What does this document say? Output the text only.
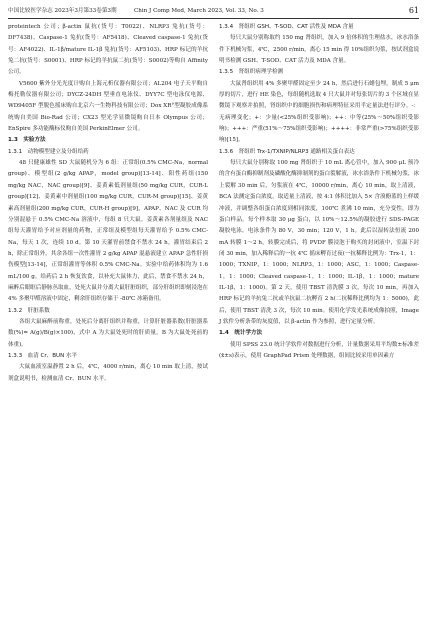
中国比较医学杂志 2023年3月第33卷第3期	Chin J Comp Med, March 2023, Vol. 33, No. 3	61

proteintech 公司；β-actin 鼠抗(货号：T0022)、NLRP3 兔抗(货号：DF7438)、Caspase-1 兔抗(货号：AF5418)、Cleaved caspase-1 兔抗(货号：AF4022)、IL-1β/mature IL-1β 兔抗(货号：AF5103)、HRP 标记的羊抗兔二抗(货号：S0001)、HRP 标记的羊抗鼠二抗(货号：S0002)等购自 Affinity 公司。

V5600 紫外分光光度计购自上海元析仪器有限公司；AL204 电子天平购自梅托勒仪器有限公司；DYCZ-24DH 型垂直电泳仪、DYY7C 型电泳仪电源、WD9405F 型脱色摇床购自北京六一生物科技有限公司；Dox XR°型凝胶成像系统购自美国 Bio-Rad 公司；CX23 型光学显微镜购自日本 Olympus 公司；EnSpire 多功能酶标仪购自美国 PerkinElmer 公司。

1.3　实验方法

1.3.1　动物模型建立及分组给药

48 只健康雄性 SD 大鼠随机分为 6 组：正常组(0.5% CMC-Na，normal group)、模型组(2 g/kg APAP，model group)[13-14]、阳性药组(150 mg/kg NAC，NAC group)[9]、姜黄素低剂量组(50 mg/kg CUR，CUR-L group)[12]、姜黄素中剂量组(100 mg/kg CUR，CUR-M group)[15]、姜黄素高剂量组(200 mg/kg CUR，CUR-H group)[9]，APAP、NAC 及 CUR 均分别混悬于 0.5% CMC-Na 溶液中，每组 8 只大鼠。姜黄素各剂量组及 NAC 组每天灌胃给予对应剂量的药物，正常组及模型组每天灌胃给予 0.5% CMC-Na，每天 1 次，连续 10 d。第 10 天灌胃前禁食不禁水 24 h，灌胃结束后 2 h，除正常组外，其余各组一次性灌胃 2 g/kg APAP 混悬液建立 APAP 急性肝损伤模型[13-14]，正常组灌胃等体积 0.5% CMC-Na。实验中给药体积均为 1.6 mL/100 g。给药后 2 h 恢复饮食，以补充大鼠体力，此后，禁食不禁水 24 h，麻醉后眼眶后静脉丛取血，处死大鼠并分离大鼠肝脏组织，部分肝组织即刻浸泡在 4% 多聚甲醛溶液中固定，剩余肝组织存储于 -80℃ 冰箱备用。

1.3.2　肝脏系数

各组大鼠麻醉前称重，处死后分离肝组织并称重，计算肝脏器系数(肝脏器系数(%)= A(g)/B(g)×100)，式中 A 为大鼠处死时的肝质量，B 为大鼠处死前的体重)。

1.3.3　血清 Cr、BUN 水平

大鼠血液室温静置 2 h 后，4℃，4000 r/min，离心 10 min 取上清，按试剂盒说明书，检测血清 Cr、BUN 水平。

1.3.4　肾组织 GSH、T-SOD、CAT 活性及 MDA 含量

每只大鼠分别称取约 150 mg 肾组织，加入 9 倍体积的生理盐水，冰水浴条件下机械匀浆，4℃，2500 r/min，离心 15 min 得 10%组织匀浆，按试剂盒说明书检测 GSH、T-SOD、CAT 活力及 MDA 含量。

1.3.5　肾组织病理学检测

大鼠肾组织用 4% 多聚甲醛固定至少 24 h，然后进行石蜡包埋，制成 5 μm 厚的切片，进行 HE 染色，每组随机选取 4 只大鼠并对每张切片的 3 个区域在显微镜下观察并拍照，肾组织中的细胞损伤和病理特征采用半定量法进行评分。-：无病理变化；+：少量(<25%组织受影响)；++：中等(25%～50%组织受影响)；+++：严重(51%～75%组织受影响)；++++：非常严重(>75%组织受影响)[15]。

1.3.6　肾组织 Trx-1/TXNIP/NLRP3 通路相关蛋白表达

每只大鼠分别称取 100 mg 肾组织于 10 mL 离心管中，加入 900 μL 预冷的含有蛋白酶抑制剂及磷酸化酶抑制剂的蛋白裂解液，冰水浴条件下机械匀浆，冰上裂解 30 min 后，匀浆液在 4℃，10000 r/min，离心 10 min，取上清液，BCA 法测定蛋白浓度。取适量上清液，按 4:1 体积比加入 5× 含溴酚蓝的上样缓冲液，并调整各组蛋白浓度到相同浓度，100℃ 煮沸 10 min，充分变性，即为蛋白样品。每个样本取 30 μg 蛋白，以 10%～12.5%的凝胶进行 SDS-PAGE 凝胶电泳。电泳条件为 80 V，30 min；120 V，1 h。此后以湿转法恒流 200 mA 转膜 1～2 h，转膜完成后，将 PVDF 膜浸泡于购买的封闭液中，室温下封闭 30 min，加入稀释后的一抗 4℃ 摇床孵育过夜(一抗稀释比例为：Trx-1，1：1000；TXNIP，1：1000；NLRP3，1：1000；ASC，1：1000；Caspase-1，1：1000；Cleaved caspase-1，1：1000；IL-1β，1：1000；mature IL-1β，1：1000)。第 2 天，使用 TBST 清洗膜 3 次，每次 10 min，再加入 HRP 标记的羊抗兔二抗或羊抗鼠二抗孵育 2 h(二抗稀释比例均为 1：5000)，此后，使用 TBST 清洗 3 次，每次 10 min。使用化学发光系统成像拍照，Image J 软件分析条带的灰度值，以 β-actin 作为参照，进行定量分析。

1.4　统计学方法

使用 SPSS 23.0 统计学软件对数据进行分析，计量数据采用平均数±标准差(x̄±s)表示，使用 GraphPad Prism 处理数据，组间比较采用单因素方
